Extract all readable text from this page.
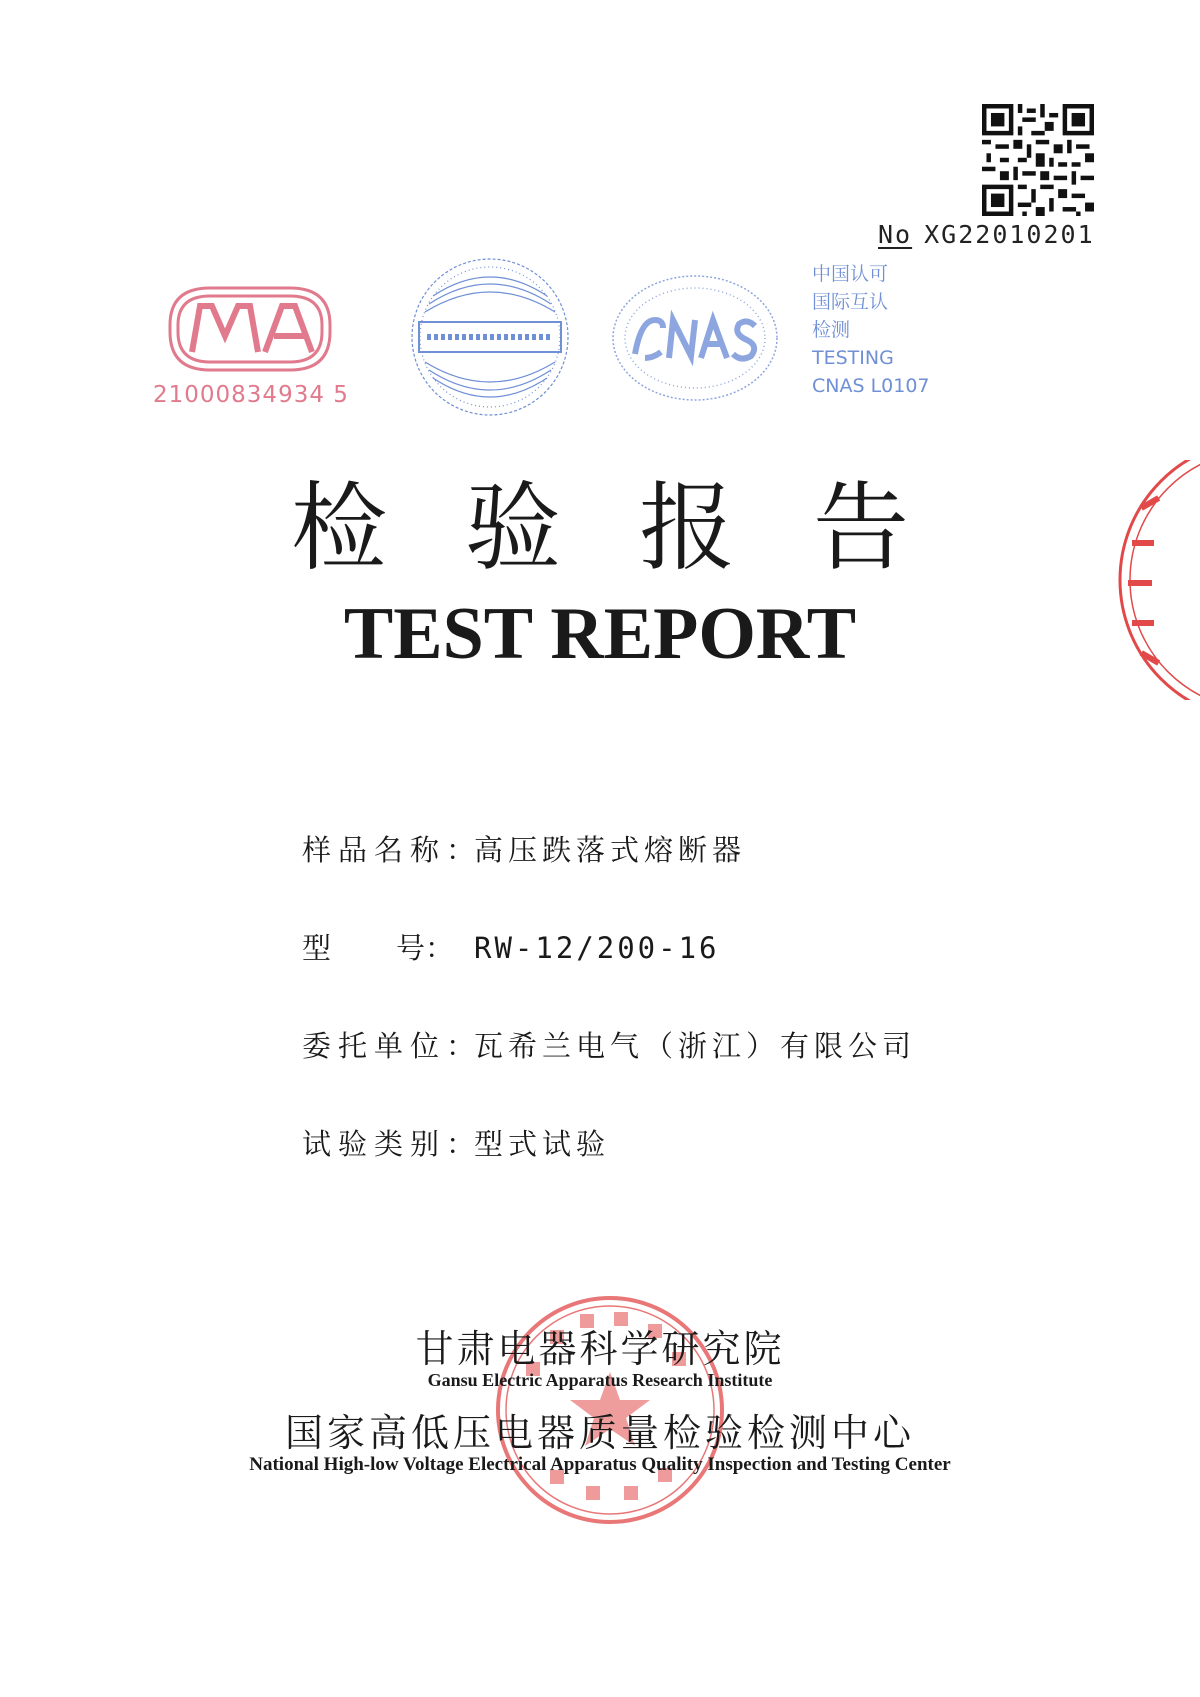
No XG22010201
21000834934 5
中国认可
国际互认
检测
TESTING
CNAS L0107
检验报告
TEST REPORT
样品名称：高压跌落式熔断器
型 号： RW-12/200-16
委托单位：瓦希兰电气（浙江）有限公司
试验类别：型式试验
甘肃电器科学研究院
Gansu Electric Apparatus Research Institute
国家高低压电器质量检验检测中心
National High-low Voltage Electrical Apparatus Quality Inspection and Testing Center
